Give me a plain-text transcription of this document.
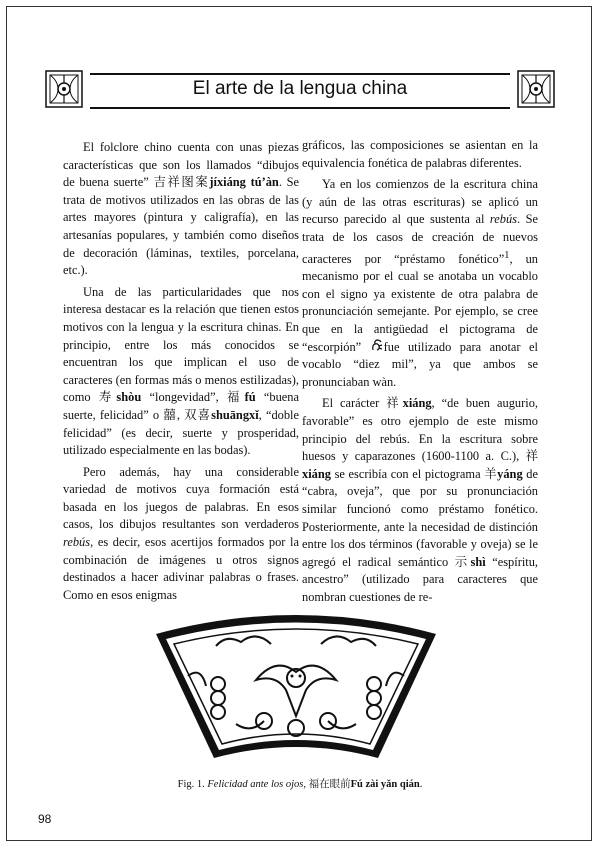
El arte de la lengua china

El folclore chino cuenta con unas piezas características que son los llamados “dibujos de buena suerte” 吉祥图案jíxiáng tú’àn. Se trata de motivos utilizados en las obras de las artes mayores (pintura y caligrafía), en las artesanías populares, y también como diseños de decoración (láminas, textiles, porcelana, etc.).

Una de las particularidades que nos interesa destacar es la relación que tienen estos motivos con la lengua y la escritura chinas. En principio, entre los más conocidos se encuentran los que implican el uso de caracteres (en formas más o menos estilizadas), como 寿shòu “longevidad”, 福fú “buena suerte, felicidad” o 囍, 双喜shuāngxǐ, “doble felicidad” (es decir, suerte y prosperidad, utilizado especialmente en las bodas).

Pero además, hay una considerable variedad de motivos cuya formación está basada en los juegos de palabras. En esos casos, los dibujos resultantes son verdaderos rebús, es decir, esos acertijos formados por la combinación de imágenes u otros signos destinados a hacer adivinar palabras o frases. Como en esos enigmas

gráficos, las composiciones se asientan en la equivalencia fonética de palabras diferentes.

Ya en los comienzos de la escritura china (y aún de las otras escrituras) se aplicó un recurso parecido al que sustenta al rebús. Se trata de los casos de creación de nuevos caracteres por “préstamo fonético”$^1$, un mecanismo por el cual se anotaba un vocablo con el signo ya existente de otra palabra de pronunciación semejante. Por ejemplo, se cree que en la antigüedad el pictograma de “escorpión” fue utilizado para anotar el vocablo “diez mil”, ya que ambos se pronunciaban wàn.

El carácter 祥xiáng, “de buen augurio, favorable” es otro ejemplo de este mismo principio del rebús. En la escritura sobre huesos y caparazones (1600-1100 a. C.), 祥xiáng se escribía con el pictograma 羊yáng de “cabra, oveja”, que por su pronunciación similar funcionó como préstamo fonético. Posteriormente, ante la necesidad de distinción entre los dos términos (favorable y oveja) se le agregó el radical semántico 示shì “espíritu, ancestro” (utilizado para caracteres que nombran cuestiones de re-

Fig. 1. Felicidad ante los ojos, 福在眼前Fú zài yǎn qián.
98
